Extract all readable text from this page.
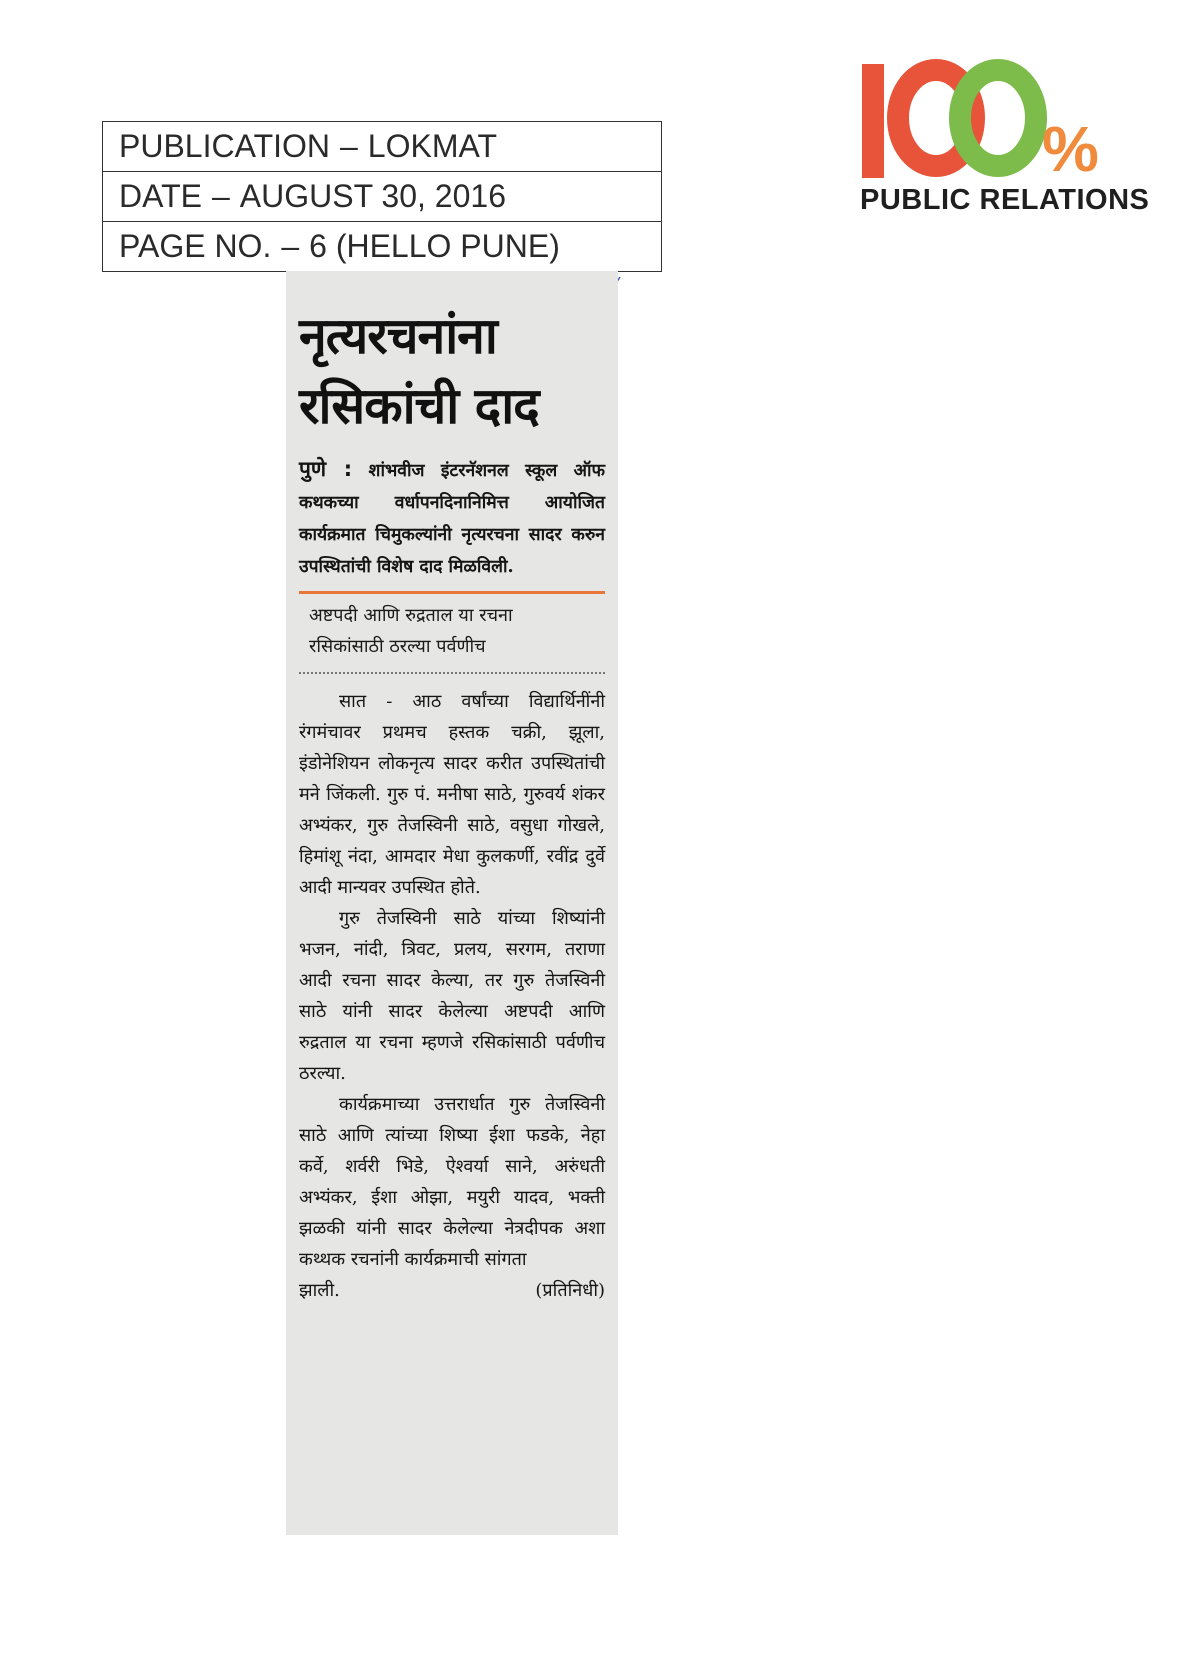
PUBLICATION – LOKMAT
DATE – AUGUST 30, 2016
PAGE NO. – 6 (HELLO PUNE)
%
PUBLIC RELATIONS
नृत्यरचनांना
रसिकांची दाद

पुणे : शांभवीज इंटरनॅशनल स्कूल ऑफ कथकच्या वर्धापनदिनानिमित्त आयोजित कार्यक्रमात चिमुकल्यांनी नृत्यरचना सादर करुन उपस्थितांची विशेष दाद मिळविली.

अष्टपदी आणि रुद्रताल या रचना
रसिकांसाठी ठरल्या पर्वणीच

सात - आठ वर्षांच्या विद्यार्थिनींनी रंगमंचावर प्रथमच हस्तक चक्री, झूला, इंडोनेशियन लोकनृत्य सादर करीत उपस्थितांची मने जिंकली. गुरु पं. मनीषा साठे, गुरुवर्य शंकर अभ्यंकर, गुरु तेजस्विनी साठे, वसुधा गोखले, हिमांशू नंदा, आमदार मेधा कुलकर्णी, रवींद्र दुर्वे आदी मान्यवर उपस्थित होते.

गुरु तेजस्विनी साठे यांच्या शिष्यांनी भजन, नांदी, त्रिवट, प्रलय, सरगम, तराणा आदी रचना सादर केल्या, तर गुरु तेजस्विनी साठे यांनी सादर केलेल्या अष्टपदी आणि रुद्रताल या रचना म्हणजे रसिकांसाठी पर्वणीच ठरल्या.

कार्यक्रमाच्या उत्तरार्धात गुरु तेजस्विनी साठे आणि त्यांच्या शिष्या ईशा फडके, नेहा कर्वे, शर्वरी भिडे, ऐश्वर्या साने, अरुंधती अभ्यंकर, ईशा ओझा, मयुरी यादव, भक्ती झळकी यांनी सादर केलेल्या नेत्रदीपक अशा कथ्थक रचनांनी कार्यक्रमाची सांगता

झाली.	(प्रतिनिधी)
